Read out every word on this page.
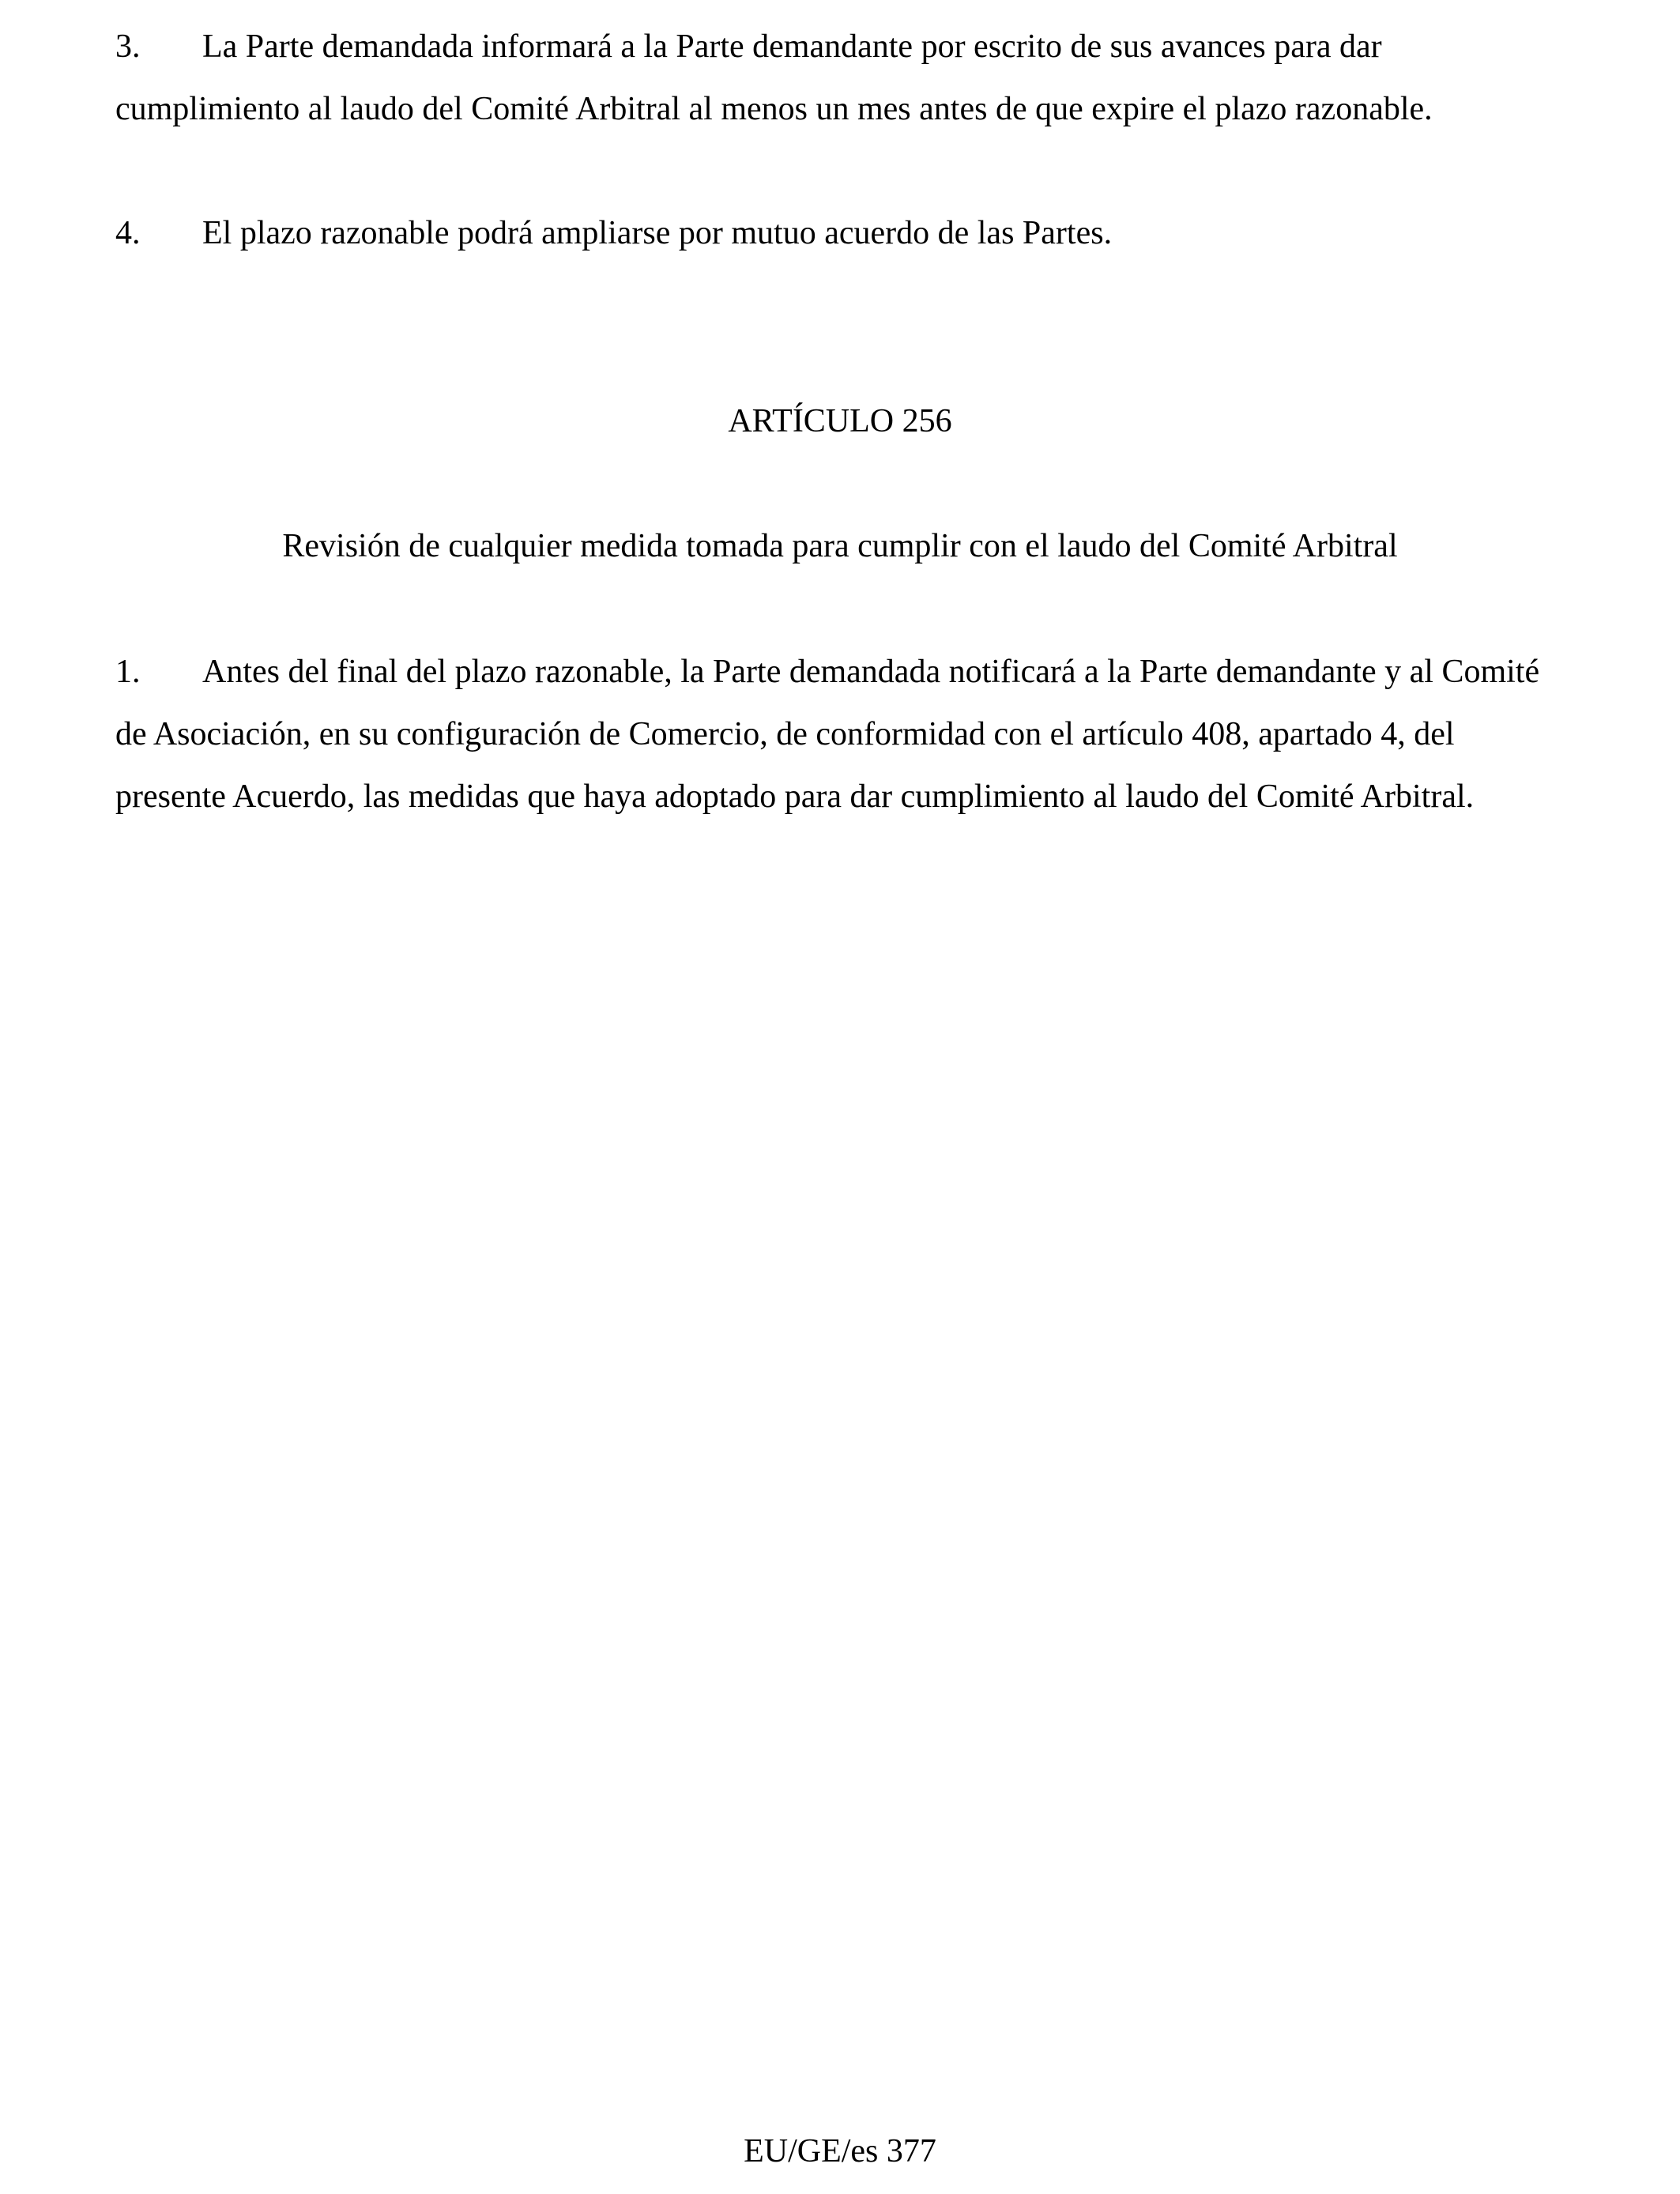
3. La Parte demandada informará a la Parte demandante por escrito de sus avances para dar cumplimiento al laudo del Comité Arbitral al menos un mes antes de que expire el plazo razonable.

4. El plazo razonable podrá ampliarse por mutuo acuerdo de las Partes.

ARTÍCULO 256
Revisión de cualquier medida tomada para cumplir con el laudo del Comité Arbitral

1. Antes del final del plazo razonable, la Parte demandada notificará a la Parte demandante y al Comité de Asociación, en su configuración de Comercio, de conformidad con el artículo 408, apartado 4, del presente Acuerdo, las medidas que haya adoptado para dar cumplimiento al laudo del Comité Arbitral.

EU/GE/es 377
